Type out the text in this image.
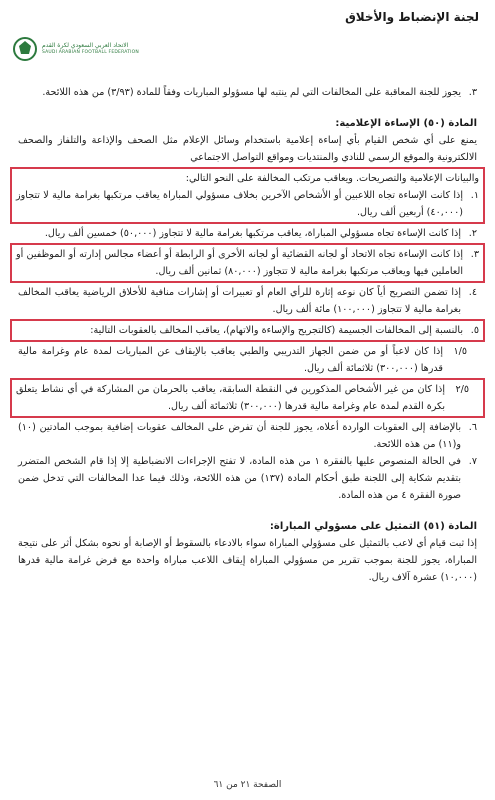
لجنة الإنضباط والأخلاق
الاتحاد العربي السعودي لكرة القدم
SAUDI ARABIAN FOOTBALL FEDERATION
٣.
يجوز للجنة المعاقبة على المخالفات التي لم ينتبه لها مسؤولو المباريات وفقاً للمادة (٣/٩٣) من هذه اللائحة.

المادة (٥٠) الإساءة الإعلامية:

يمنع على أي شخص القيام بأي إساءة إعلامية باستخدام وسائل الإعلام مثل الصحف والإذاعة والتلفاز والصحف الالكترونية والموقع الرسمي للنادي والمنتديات ومواقع التواصل الاجتماعي

والبيانات الإعلامية والتصريحات. ويعاقب مرتكب المخالفة على النحو التالي:

١.
إذا كانت الإساءة تجاه اللاعبين أو الأشخاص الآخرين بخلاف مسؤولي المباراة يعاقب مرتكبها بغرامة مالية لا تتجاوز (٤٠,٠٠٠) أربعين ألف ريال.
٢.
إذا كانت الإساءة تجاه مسؤولي المباراة، يعاقب مرتكبها بغرامة مالية لا تتجاوز (٥٠,٠٠٠) خمسين ألف ريال.
٣.
إذا كانت الإساءة تجاه الاتحاد أو لجانه القضائية أو لجانه الأخرى أو الرابطة أو أعضاء مجالس إدارته أو الموظفين أو العاملين فيها ويعاقب مرتكبها بغرامة مالية لا تتجاوز (٨٠,٠٠٠) ثمانين ألف ريال.
٤.
إذا تضمن التصريح أياً كان نوعه إثارة للرأي العام أو تعبيرات أو إشارات منافية للأخلاق الرياضية يعاقب المخالف بغرامة مالية لا تتجاوز (١٠٠,٠٠٠) مائة ألف ريال.
٥.
بالنسبة إلى المخالفات الجسيمة (كالتجريح والإساءة والاتهام)، يعاقب المخالف بالعقوبات التالية:
١/٥
إذا كان لاعباً أو من ضمن الجهاز التدريبي والطبي يعاقب بالإيقاف عن المباريات لمدة عام وغرامة مالية قدرها (٣٠٠,٠٠٠) ثلاثمائة ألف ريال.
٢/٥
إذا كان من غير الأشخاص المذكورين في النقطة السابقة، يعاقب بالحرمان من المشاركة في أي نشاط يتعلق بكرة القدم لمدة عام وغرامة مالية قدرها (٣٠٠,٠٠٠) ثلاثمائة ألف ريال.
٦.
بالإضافة إلى العقوبات الواردة أعلاه، يجوز للجنة أن تفرض على المخالف عقوبات إضافية بموجب المادتين (١٠) و(١١) من هذه اللائحة.
٧.
في الحالة المنصوص عليها بالفقرة ١ من هذه المادة، لا تفتح الإجراءات الانضباطية إلا إذا قام الشخص المتضرر بتقديم شكاية إلى اللجنة طبق أحكام المادة (١٣٧) من هذه اللائحة، وذلك فيما عدا المخالفات التي تدخل ضمن صورة الفقرة ٤ من هذه المادة.

المادة (٥١) التمثيل على مسؤولي المباراة:

إذا ثبت قيام أي لاعب بالتمثيل على مسؤولي المباراة سواء بالادعاء بالسقوط أو الإصابة أو نحوه بشكل أثر على نتيجة المباراة، يجوز للجنة بموجب تقرير من مسؤولي المباراة إيقاف اللاعب مباراة واحدة مع فرض غرامة مالية قدرها (١٠,٠٠٠) عشرة آلاف ريال.

الصفحة ٢١ من ٦١
